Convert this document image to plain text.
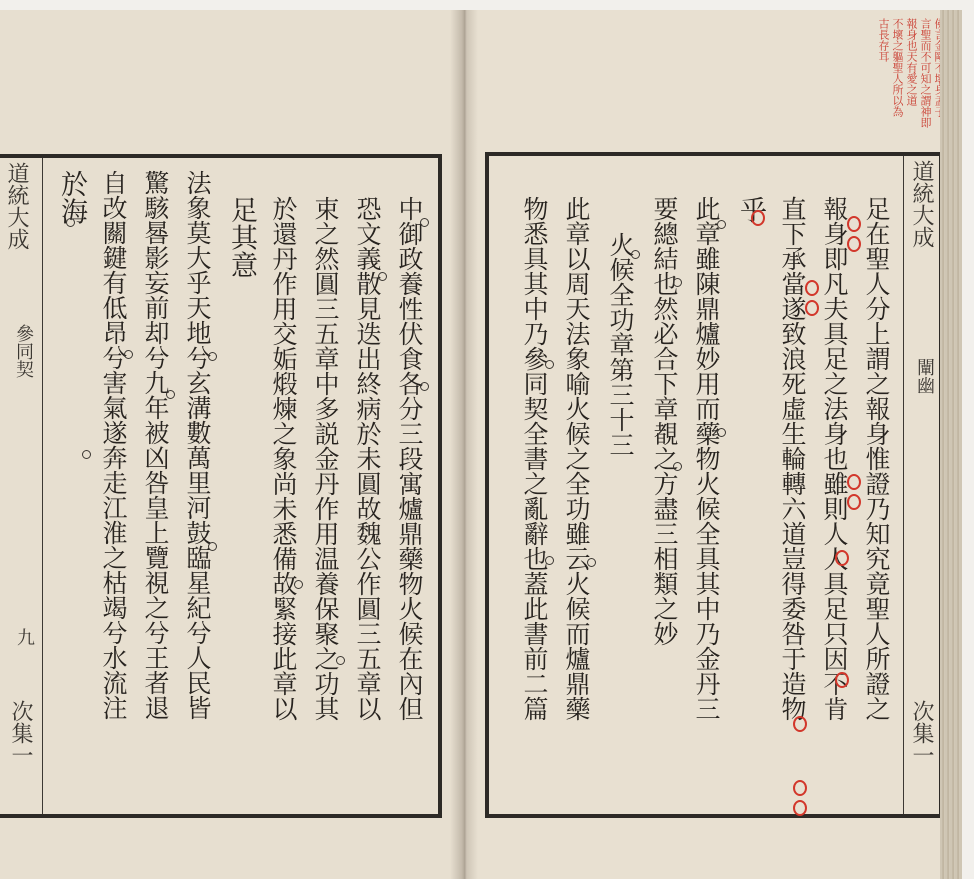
道統大成
參同契
九
次集一
中御政養性伏食各分三段寓爐鼎藥物火候在內但
恐文義散見迭出終病於未圓故魏公作圓三五章以
束之然圓三五章中多説金丹作用温養保聚之功其
於還丹作用交姤煅煉之象尚未悉備故緊接此章以
足其意
法象莫大乎天地兮玄溝數萬里河鼓臨星紀兮人民皆
驚駭晷影妄前却兮九年被凶咎皇上覽視之兮王者退
自改關鍵有低昂兮害氣遂奔走江淮之枯竭兮水流注
於海	道統大成
闡幽
次集一
足在聖人分上謂之報身惟證乃知究竟聖人所證之
報身即凡夫具足之法身也雖則人人具足只因不肯
直下承當遂致浪死虛生輪轉六道豈得委咎于造物
乎
此章雖陳鼎爐妙用而藥物火候全具其中乃金丹三
要總結也然必合下章覩之方盡三相類之妙
火候全功章第三十三
此章以周天法象喻火候之全功雖云火候而爐鼎藥
物悉具其中乃參同契全書之亂辭也蓋此書前二篇
言聖而不可知之謂神即
報身也天有愛之道
不壞之軀聖人所以為
古長存耳
